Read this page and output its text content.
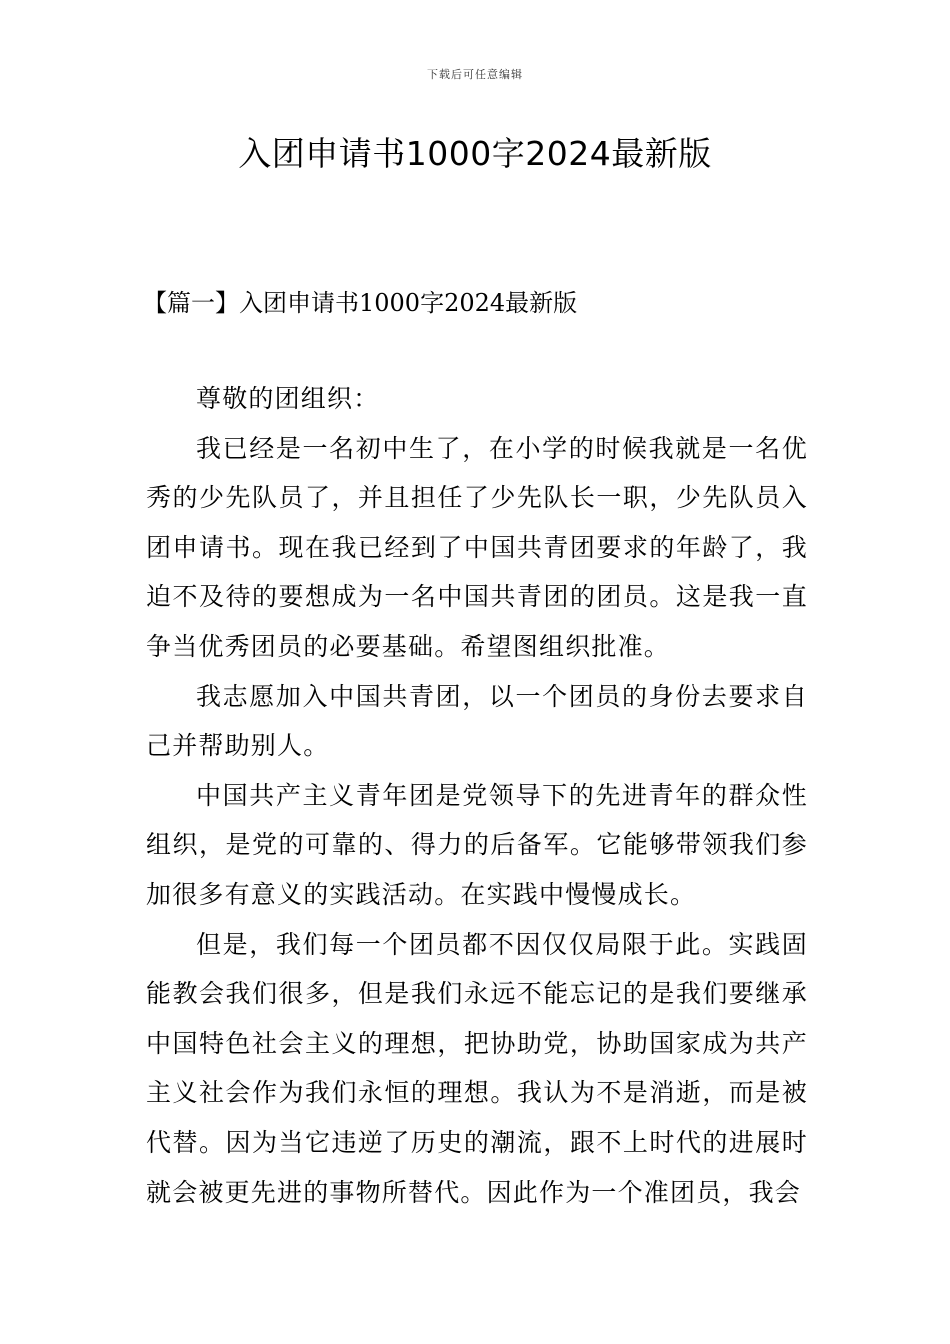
下载后可任意编辑
入团申请书1000字2024最新版
【篇一】入团申请书1000字2024最新版

尊敬的团组织：

我已经是一名初中生了，在小学的时候我就是一名优秀的少先队员了，并且担任了少先队长一职，少先队员入团申请书。现在我已经到了中国共青团要求的年龄了，我迫不及待的要想成为一名中国共青团的团员。这是我一直争当优秀团员的必要基础。希望图组织批准。

我志愿加入中国共青团，以一个团员的身份去要求自己并帮助别人。

中国共产主义青年团是党领导下的先进青年的群众性组织，是党的可靠的、得力的后备军。它能够带领我们参加很多有意义的实践活动。在实践中慢慢成长。

但是，我们每一个团员都不因仅仅局限于此。实践固能教会我们很多，但是我们永远不能忘记的是我们要继承中国特色社会主义的理想，把协助党，协助国家成为共产主义社会作为我们永恒的理想。我认为不是消逝，而是被代替。因为当它违逆了历史的潮流，跟不上时代的进展时就会被更先进的事物所替代。因此作为一个准团员，我会
